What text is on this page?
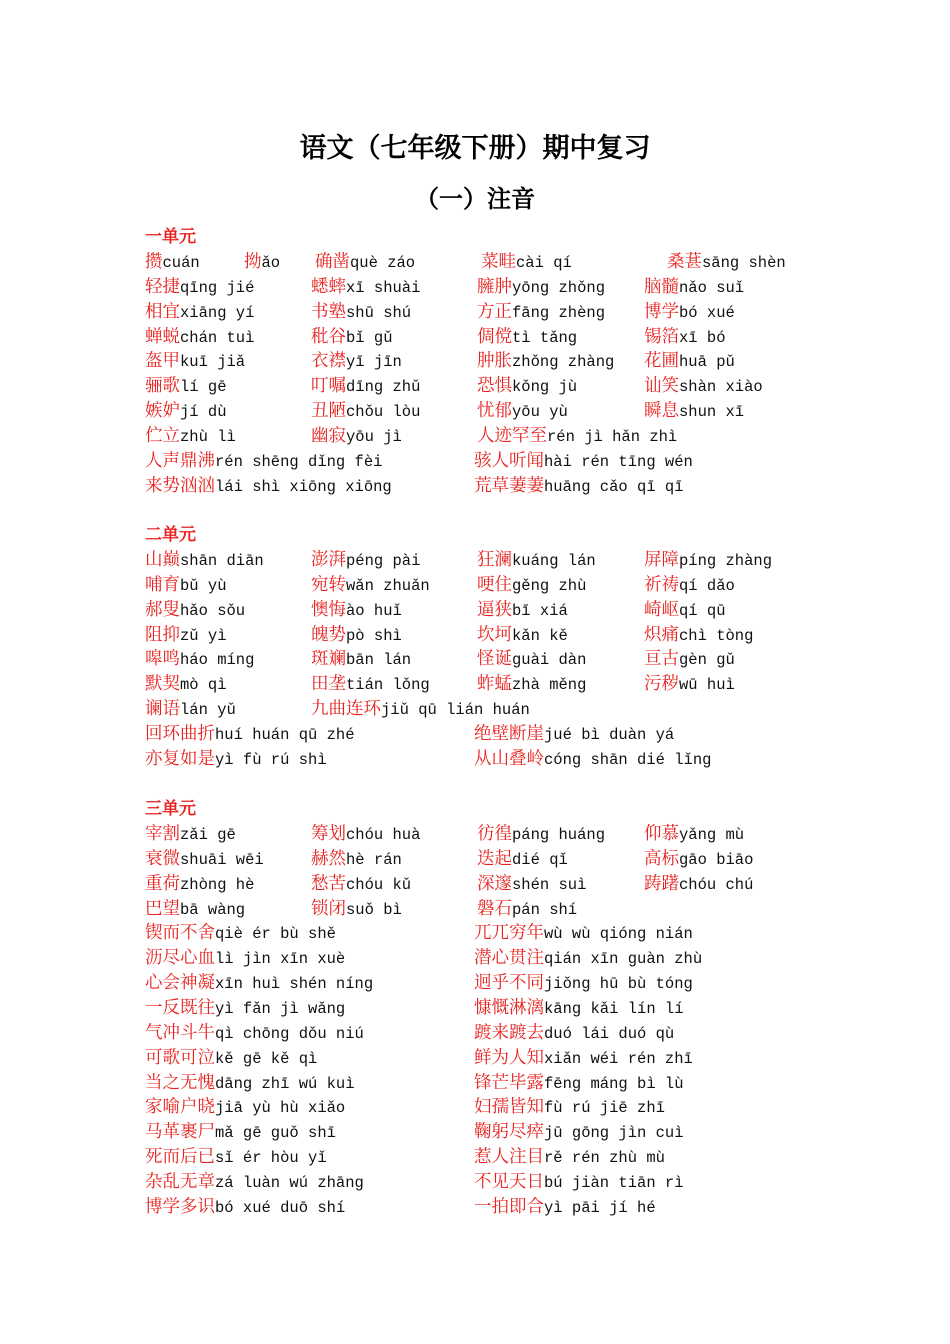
语文（七年级下册）期中复习
（一）注音
一单元
攒cuán	拗ǎo 确凿què záo	菜畦cài qí	桑葚sāng shèn
轻捷qīng jié	蟋蟀xī shuài	臃肿yōng zhǒng 脑髓nǎo suǐ
相宜xiāng yí	书塾shū shú	方正fāng zhèng 博学bó xué
蝉蜕chán tuì	秕谷bǐ gǔ	倜傥tì tǎng	锡箔xī bó
盔甲kuī jiǎ	衣襟yī jīn	肿胀zhǒng zhàng 花圃huā pǔ
骊歌lí gē	叮嘱dīng zhǔ	恐惧kǒng jù	讪笑shàn xiào
嫉妒jí dù	丑陋chǒu lòu	忧郁yōu yù	瞬息shun xī
伫立zhù lì	幽寂yōu jì	人迹罕至rén jì hǎn zhì
人声鼎沸rén shēng dǐng fèi	骇人听闻hài rén tīng wén
来势汹汹lái shì xiōng xiōng	荒草萋萋huāng cǎo qī qī
二单元
山巅shān diān	澎湃péng pài	狂澜kuáng lán	屏障píng zhàng
哺育bǔ yù	宛转wǎn zhuǎn	哽住gěng zhù	祈祷qí dǎo
郝叟hǎo sǒu	懊悔ào huǐ	逼狭bī xiá	崎岖qí qū
阻抑zǔ yì	魄势pò shì	坎坷kǎn kě	炽痛chì tòng
嗥鸣háo míng	斑斓bān lán	怪诞guài dàn	亘古gèn gǔ
默契mò qì	田垄tián lǒng	蚱蜢zhà měng	污秽wū huì
谰语lán yǔ	九曲连环jiǔ qū lián huán
回环曲折huí huán qū zhé	绝壁断崖jué bì duàn yá
亦复如是yì fù rú shì	从山叠岭cóng shān dié lǐng
三单元
宰割zǎi gē	筹划chóu huà	彷徨páng huáng 仰慕yǎng mù
衰微shuāi wēi	赫然hè rán	迭起dié qǐ	高标gāo biāo
重荷zhòng hè	愁苦chóu kǔ	深邃shén suì	踌躇chóu chú
巴望bā wàng	锁闭suǒ bì	磐石pán shí
锲而不舍qiè ér bù shě	兀兀穷年wù wù qióng nián
沥尽心血lì jìn xīn xuè	潜心贯注qián xīn guàn zhù
心会神凝xīn huì shén níng	迥乎不同jiǒng hū bù tóng
一反既往yì fǎn jì wǎng	慷慨淋漓kāng kǎi lín lí
气冲斗牛qì chōng dǒu niú	踱来踱去duó lái duó qù
可歌可泣kě gē kě qì	鲜为人知xiǎn wéi rén zhī
当之无愧dāng zhī wú kuì	锋芒毕露fēng máng bì lù
家喻户晓jiā yù hù xiǎo	妇孺皆知fù rú jiē zhī
马革裹尸mǎ gē guǒ shī	鞠躬尽瘁jū gōng jìn cuì
死而后已sǐ ér hòu yǐ	惹人注目rě rén zhù mù
杂乱无章zá luàn wú zhāng	不见天日bú jiàn tiān rì
博学多识bó xué duō shí	一拍即合yì pāi jí hé
